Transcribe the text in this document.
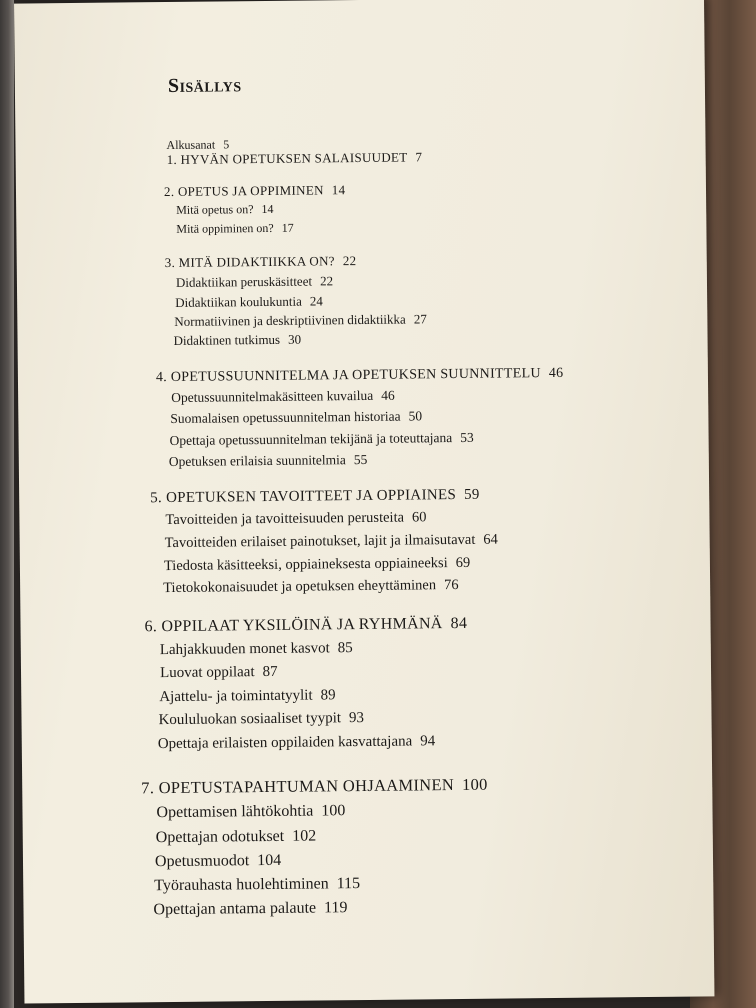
Sisällys
Alkusanat 5
1. HYVÄN OPETUKSEN SALAISUUDET 7
2. OPETUS JA OPPIMINEN 14
Mitä opetus on? 14
Mitä oppiminen on? 17
3. MITÄ DIDAKTIIKKA ON? 22
Didaktiikan peruskäsitteet 22
Didaktiikan koulukuntia 24
Normatiivinen ja deskriptiivinen didaktiikka 27
Didaktinen tutkimus 30
4. OPETUSSUUNNITELMA JA OPETUKSEN SUUNNITTELU 46
Opetussuunnitelmakäsitteen kuvailua 46
Suomalaisen opetussuunnitelman historiaa 50
Opettaja opetussuunnitelman tekijänä ja toteuttajana 53
Opetuksen erilaisia suunnitelmia 55
5. OPETUKSEN TAVOITTEET JA OPPIAINES 59
Tavoitteiden ja tavoitteisuuden perusteita 60
Tavoitteiden erilaiset painotukset, lajit ja ilmaisutavat 64
Tiedosta käsitteeksi, oppiaineksesta oppiaineeksi 69
Tietokokonaisuudet ja opetuksen eheyttäminen 76
6. OPPILAAT YKSILÖINÄ JA RYHMÄNÄ 84
Lahjakkuuden monet kasvot 85
Luovat oppilaat 87
Ajattelu- ja toimintatyylit 89
Koululuokan sosiaaliset tyypit 93
Opettaja erilaisten oppilaiden kasvattajana 94
7. OPETUSTAPAHTUMAN OHJAAMINEN 100
Opettamisen lähtökohtia 100
Opettajan odotukset 102
Opetusmuodot 104
Työrauhasta huolehtiminen 115
Opettajan antama palaute 119
